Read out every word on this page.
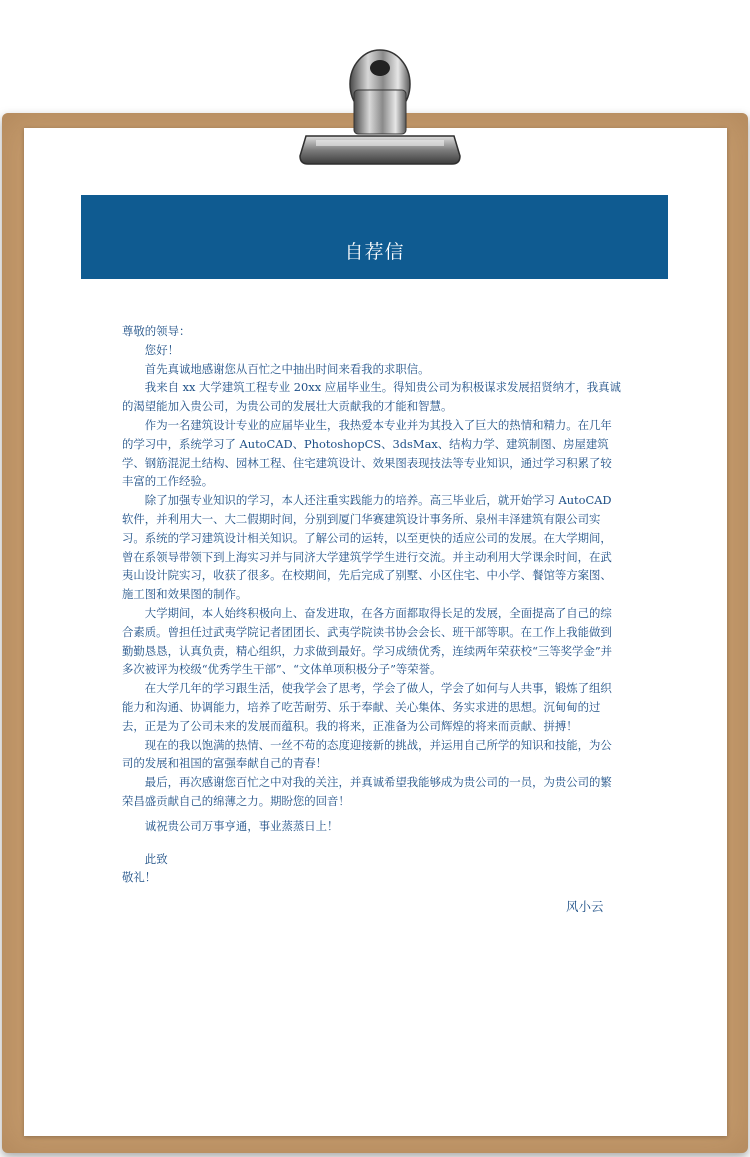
自荐信

尊敬的领导：

您好！

首先真诚地感谢您从百忙之中抽出时间来看我的求职信。

我来自 xx 大学建筑工程专业 20xx 应届毕业生。得知贵公司为积极谋求发展招贤纳才，我真诚的渴望能加入贵公司，为贵公司的发展壮大贡献我的才能和智慧。

作为一名建筑设计专业的应届毕业生，我热爱本专业并为其投入了巨大的热情和精力。在几年的学习中，系统学习了 AutoCAD、PhotoshopCS、3dsMax、结构力学、建筑制图、房屋建筑学、钢筋混泥土结构、园林工程、住宅建筑设计、效果图表现技法等专业知识，通过学习积累了较丰富的工作经验。

除了加强专业知识的学习，本人还注重实践能力的培养。高三毕业后，就开始学习 AutoCAD 软件，并利用大一、大二假期时间，分别到厦门华赛建筑设计事务所、泉州丰泽建筑有限公司实习。系统的学习建筑设计相关知识。了解公司的运转，以至更快的适应公司的发展。在大学期间，曾在系领导带领下到上海实习并与同济大学建筑学学生进行交流。并主动利用大学课余时间，在武夷山设计院实习，收获了很多。在校期间，先后完成了别墅、小区住宅、中小学、餐馆等方案图、施工图和效果图的制作。

大学期间，本人始终积极向上、奋发进取，在各方面都取得长足的发展，全面提高了自己的综合素质。曾担任过武夷学院记者团团长、武夷学院读书协会会长、班干部等职。在工作上我能做到勤勤恳恳，认真负责，精心组织，力求做到最好。学习成绩优秀，连续两年荣获校“三等奖学金”并多次被评为校级“优秀学生干部”、“文体单项积极分子”等荣誉。

在大学几年的学习跟生活，使我学会了思考，学会了做人，学会了如何与人共事，锻炼了组织能力和沟通、协调能力，培养了吃苦耐劳、乐于奉献、关心集体、务实求进的思想。沉甸甸的过去，正是为了公司未来的发展而蕴积。我的将来，正准备为公司辉煌的将来而贡献、拼搏！

现在的我以饱满的热情、一丝不苟的态度迎接新的挑战，并运用自己所学的知识和技能，为公司的发展和祖国的富强奉献自己的青春！

最后，再次感谢您百忙之中对我的关注，并真诚希望我能够成为贵公司的一员，为贵公司的繁荣昌盛贡献自己的绵薄之力。期盼您的回音！

诚祝贵公司万事亨通，事业蒸蒸日上！

此致

敬礼！

风小云
